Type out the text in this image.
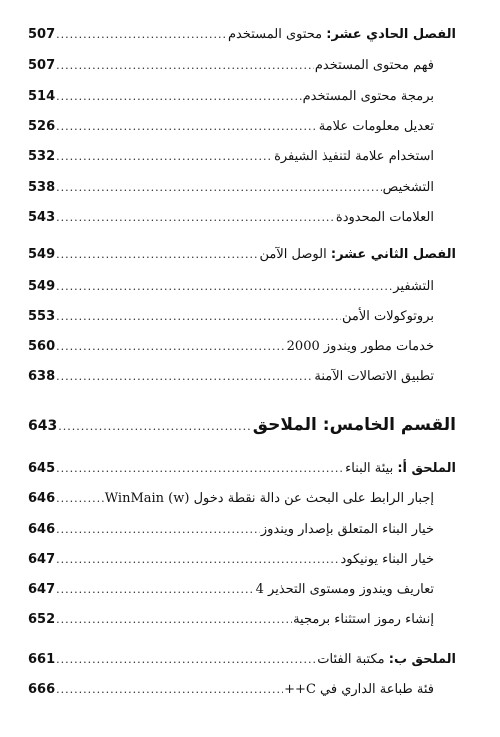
الفصل الحادي عشر: محتوى المستخدم
.....
507
فهم محتوى المستخدم
.....
507
برمجة محتوى المستخدم
.....
514
تعديل معلومات علامة
.....
526
استخدام علامة لتنفيذ الشيفرة
.....
532
التشخيص
.....
538
العلامات المحدودة
.....
543
الفصل الثاني عشر: الوصل الآمن
.....
549
التشفير
.....
549
بروتوكولات الأمن
.....
553
خدمات مطور ويندوز 2000
.....
560
تطبيق الاتصالات الآمنة
.....
638
القسم الخامس: الملاحق
.....
643
الملحق أ: بيئة البناء
.....
645
إجبار الرابط على البحث عن دالة نقطة دخول WinMain (w)
.....
646
خيار البناء المتعلق بإصدار ويندوز
.....
646
خيار البناء يونيكود
.....
647
تعاريف ويندوز ومستوى التحذير 4
.....
647
إنشاء رموز استثناء برمجية
.....
652
الملحق ب: مكتبة الفئات
.....
661
فئة طباعة الداري في C++
.....
666
